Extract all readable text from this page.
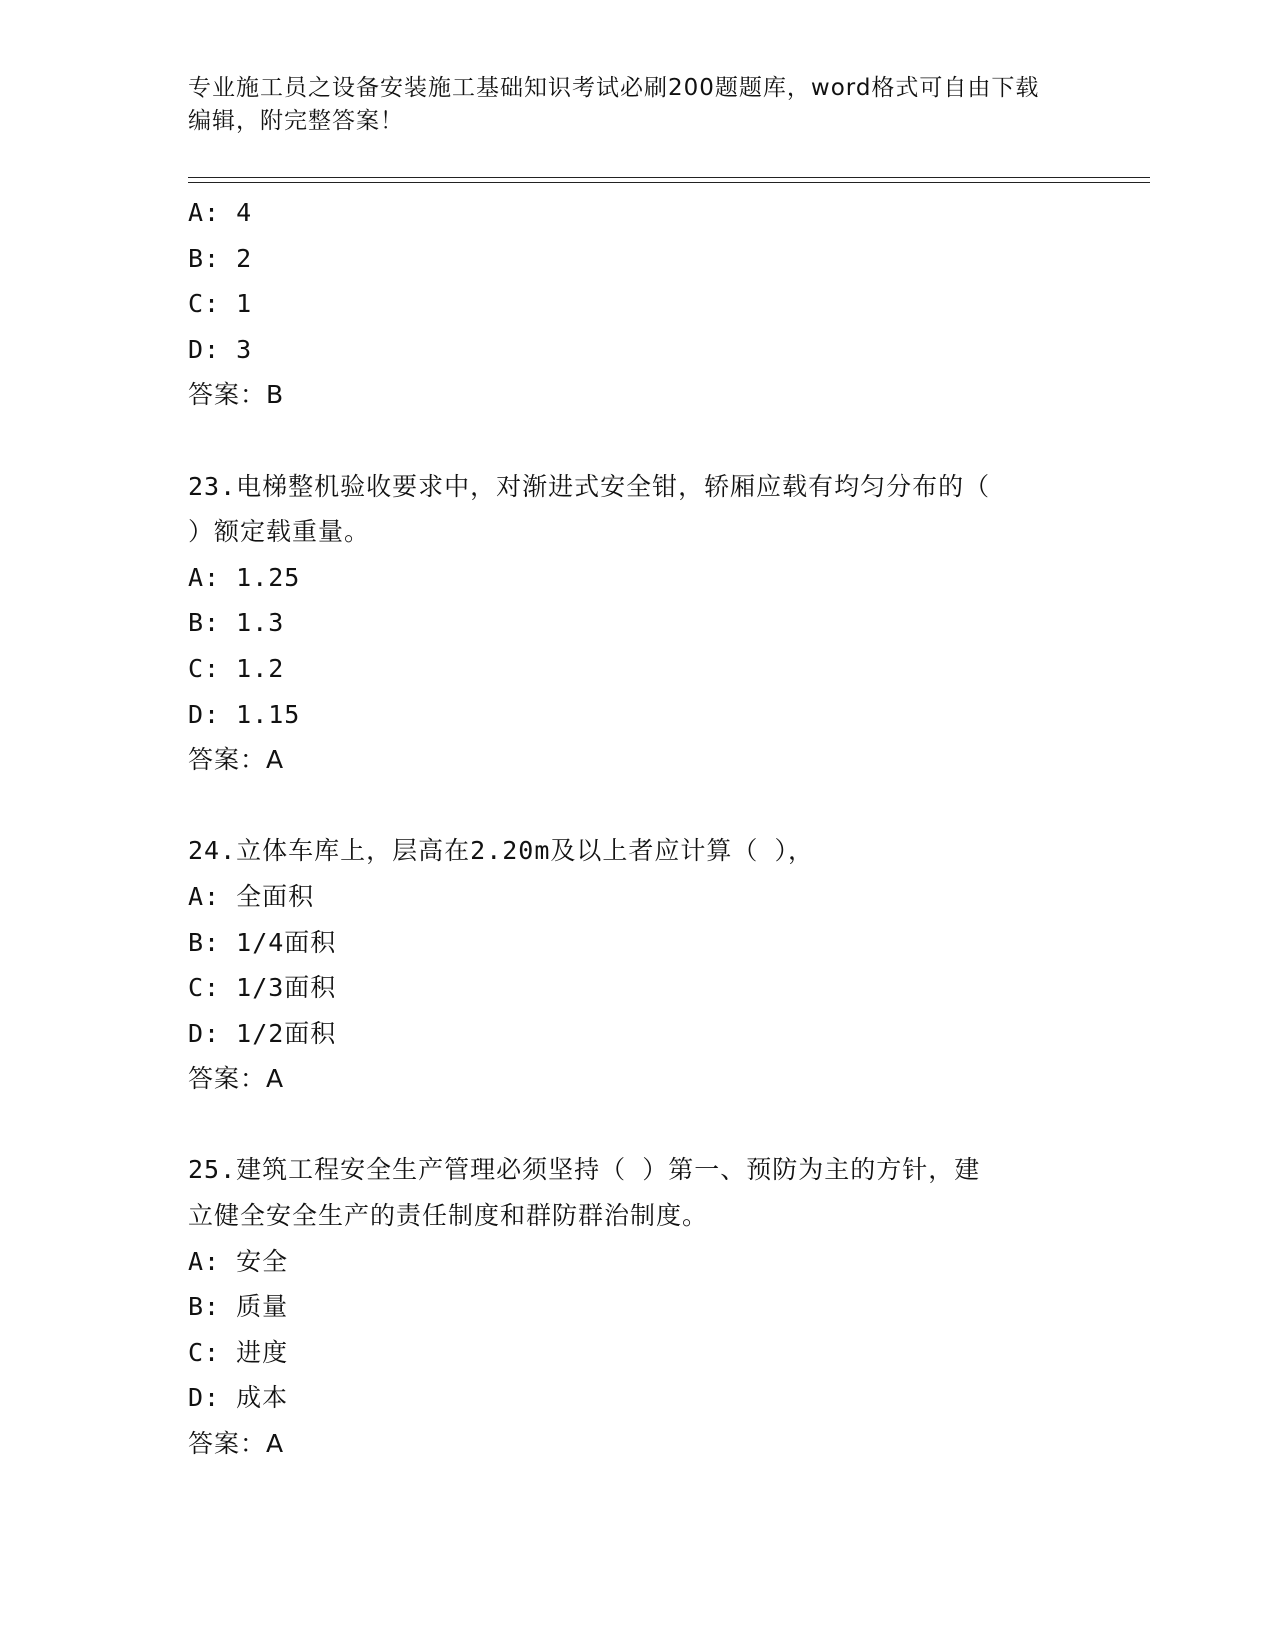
专业施工员之设备安装施工基础知识考试必刷200题题库，word格式可自由下载
编辑，附完整答案！
A: 4
B: 2
C: 1
D: 3
答案：B
23.电梯整机验收要求中，对渐进式安全钳，轿厢应载有均匀分布的（
）额定载重量。
A: 1.25
B: 1.3
C: 1.2
D: 1.15
答案：A
24.立体车库上，层高在2.20m及以上者应计算（ ），
A: 全面积
B: 1/4面积
C: 1/3面积
D: 1/2面积
答案：A
25.建筑工程安全生产管理必须坚持（ ）第一、预防为主的方针，建
立健全安全生产的责任制度和群防群治制度。
A: 安全
B: 质量
C: 进度
D: 成本
答案：A
